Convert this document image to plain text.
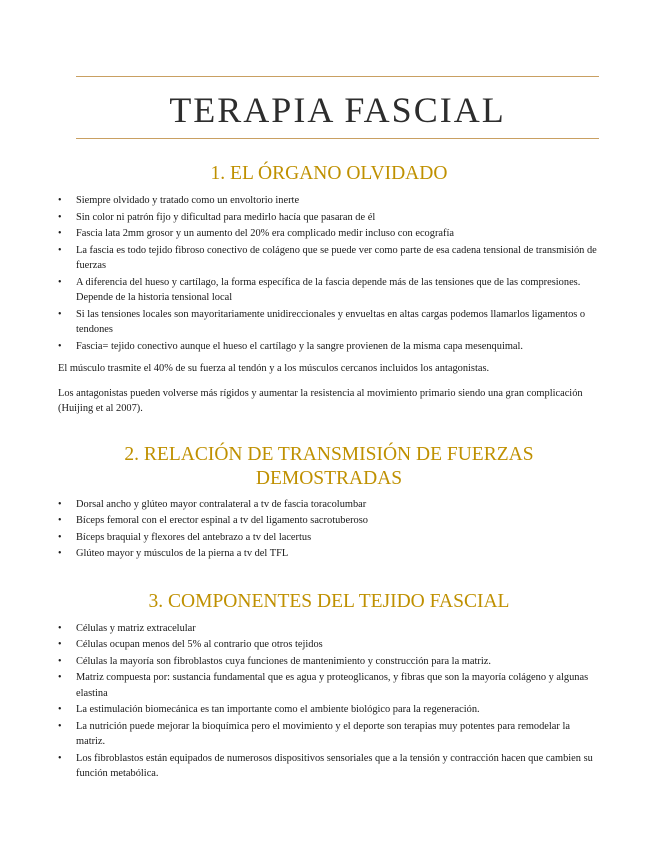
TERAPIA FASCIAL
1. EL ÓRGANO OLVIDADO
• Siempre olvidado y tratado como un envoltorio inerte
• Sin color ni patrón fijo y dificultad para medirlo hacía que pasaran de él
• Fascia lata 2mm grosor y un aumento del 20% era complicado medir incluso con ecografía
• La fascia es todo tejido fibroso conectivo de colágeno que se puede ver como parte de esa cadena tensional de transmisión de fuerzas
• A diferencia del hueso y cartílago, la forma específica de la fascia depende más de las tensiones que de las compresiones. Depende de la historia tensional local
• Si las tensiones locales son mayoritariamente unidireccionales y envueltas en altas cargas podemos llamarlos ligamentos o tendones
• Fascia= tejido conectivo aunque el hueso el cartílago y la sangre provienen de la misma capa mesenquimal.

El músculo trasmite el 40% de su fuerza al tendón y a los músculos cercanos incluidos los antagonistas.

Los antagonistas pueden volverse más rígidos y aumentar la resistencia al movimiento primario siendo una gran complicación (Huijing et al 2007).

2. RELACIÓN DE TRANSMISIÓN DE FUERZAS DEMOSTRADAS
• Dorsal ancho y glúteo mayor contralateral a tv de fascia toracolumbar
• Bíceps femoral con el erector espinal a tv del ligamento sacrotuberoso
• Bíceps braquial y flexores del antebrazo a tv del lacertus
• Glúteo mayor y músculos de la pierna a tv del TFL
3. COMPONENTES DEL TEJIDO FASCIAL
• Células y matriz extracelular
• Células ocupan menos del 5% al contrario que otros tejidos
• Células la mayoría son fibroblastos cuya funciones de mantenimiento y construcción para la matriz.
• Matriz compuesta por: sustancia fundamental que es agua y proteoglicanos, y fibras que son la mayoría colágeno y algunas elastina
• La estimulación biomecánica es tan importante como el ambiente biológico para la regeneración.
• La nutrición puede mejorar la bioquímica pero el movimiento y el deporte son terapias muy potentes para remodelar la matriz.
• Los fibroblastos están equipados de numerosos dispositivos sensoriales que a la tensión y contracción hacen que cambien su función metabólica.
